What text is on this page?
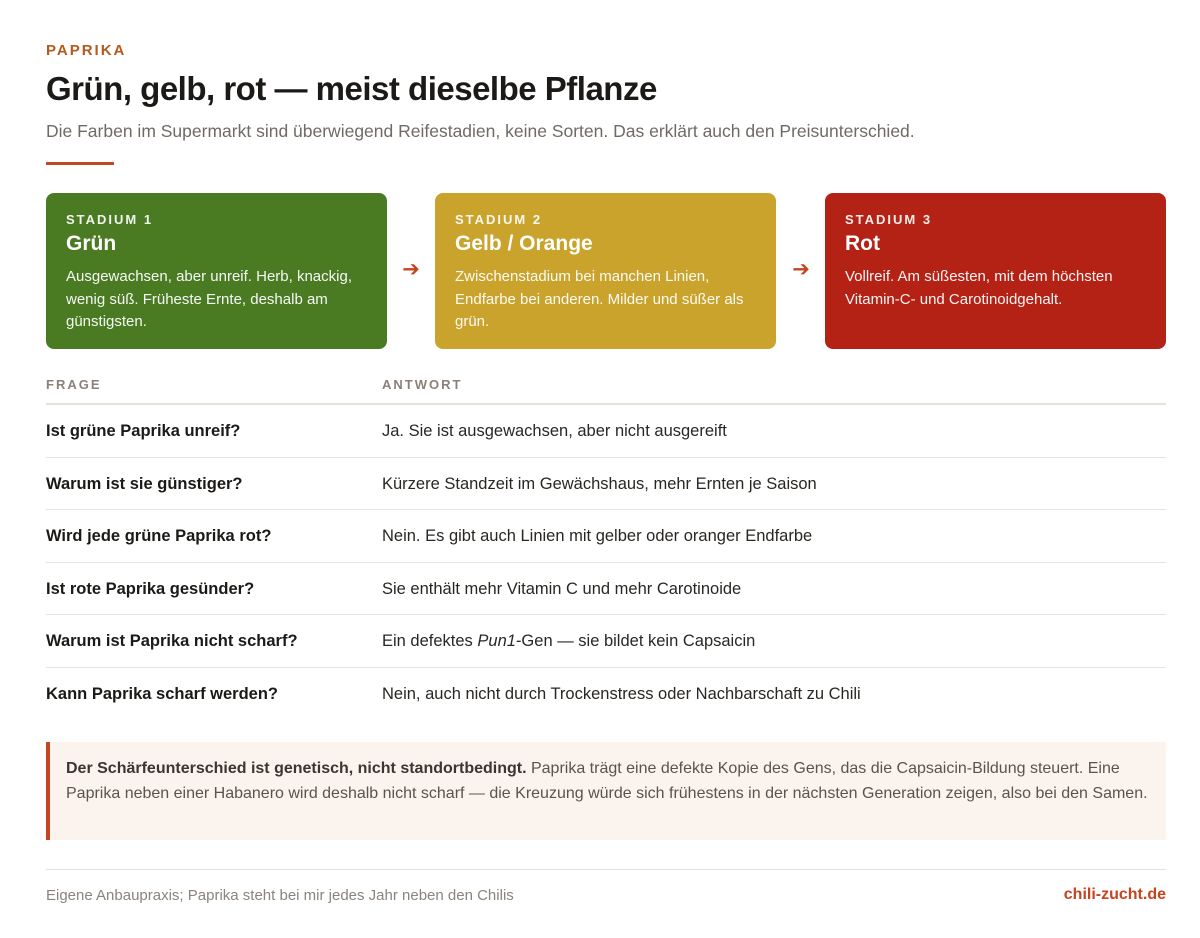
PAPRIKA
Grün, gelb, rot — meist dieselbe Pflanze

Die Farben im Supermarkt sind überwiegend Reifestadien, keine Sorten. Das erklärt auch den Preisunterschied.

STADIUM 1
Grün
Ausgewachsen, aber unreif. Herb, knackig, wenig süß. Früheste Ernte, deshalb am günstigsten.
➔
STADIUM 2
Gelb / Orange
Zwischenstadium bei manchen Linien, Endfarbe bei anderen. Milder und süßer als grün.
➔
STADIUM 3
Rot
Vollreif. Am süßesten, mit dem höchsten Vitamin-C- und Carotinoidgehalt.
FRAGE	ANTWORT
Ist grüne Paprika unreif?	Ja. Sie ist ausgewachsen, aber nicht ausgereift
Warum ist sie günstiger?	Kürzere Standzeit im Gewächshaus, mehr Ernten je Saison
Wird jede grüne Paprika rot?	Nein. Es gibt auch Linien mit gelber oder oranger Endfarbe
Ist rote Paprika gesünder?	Sie enthält mehr Vitamin C und mehr Carotinoide
Warum ist Paprika nicht scharf?	Ein defektes Pun1-Gen — sie bildet kein Capsaicin
Kann Paprika scharf werden?	Nein, auch nicht durch Trockenstress oder Nachbarschaft zu Chili
Der Schärfeunterschied ist genetisch, nicht standortbedingt. Paprika trägt eine defekte Kopie des Gens, das die Capsaicin-Bildung steuert. Eine Paprika neben einer Habanero wird deshalb nicht scharf — die Kreuzung würde sich frühestens in der nächsten Generation zeigen, also bei den Samen.
Eigene Anbaupraxis; Paprika steht bei mir jedes Jahr neben den Chilis	chili-zucht.de
